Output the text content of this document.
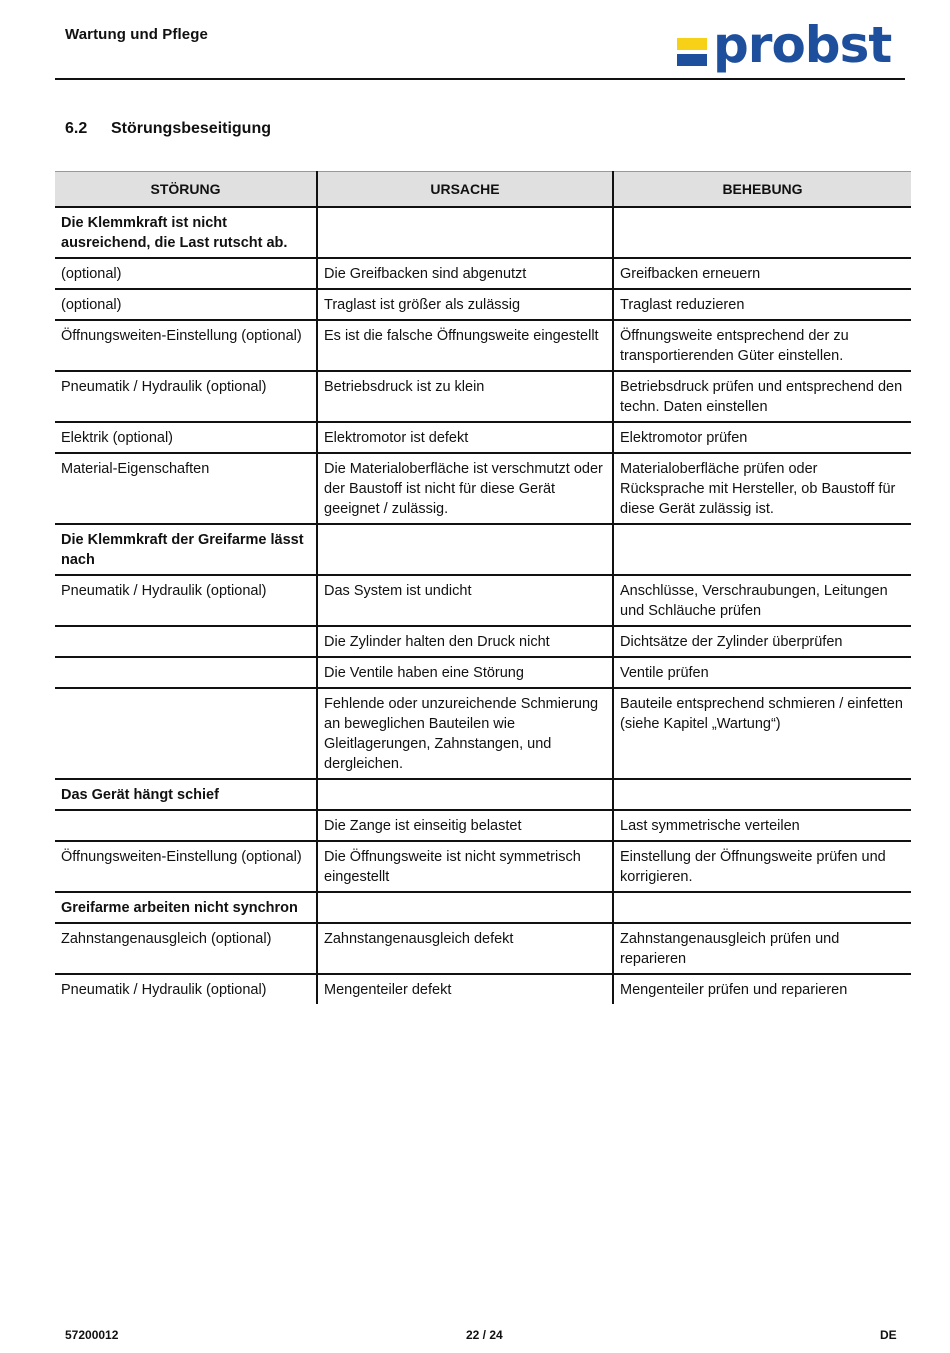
Wartung und Pflege	probst
6.2 Störungsbeseitigung
STÖRUNG	URSACHE	BEHEBUNG
Die Klemmkraft ist nicht ausreichend, die Last rutscht ab.		
(optional)	Die Greifbacken sind abgenutzt	Greifbacken erneuern
(optional)	Traglast ist größer als zulässig	Traglast reduzieren
Öffnungsweiten-Einstellung (optional)	Es ist die falsche Öffnungsweite eingestellt	Öffnungsweite entsprechend der zu transportierenden Güter einstellen.
Pneumatik / Hydraulik (optional)	Betriebsdruck ist zu klein	Betriebsdruck prüfen und entsprechend den techn. Daten einstellen
Elektrik (optional)	Elektromotor ist defekt	Elektromotor prüfen
Material-Eigenschaften	Die Materialoberfläche ist verschmutzt oder der Baustoff ist nicht für diese Gerät geeignet / zulässig.	Materialoberfläche prüfen oder Rücksprache mit Hersteller, ob Baustoff für diese Gerät zulässig ist.
Die Klemmkraft der Greifarme lässt nach		
Pneumatik / Hydraulik (optional)	Das System ist undicht	Anschlüsse, Verschraubungen, Leitungen und Schläuche prüfen
	Die Zylinder halten den Druck nicht	Dichtsätze der Zylinder überprüfen
	Die Ventile haben eine Störung	Ventile prüfen
	Fehlende oder unzureichende Schmierung an beweglichen Bauteilen wie Gleitlagerungen, Zahnstangen, und dergleichen.	Bauteile entsprechend schmieren / einfetten (siehe Kapitel „Wartung“)
Das Gerät hängt schief		
	Die Zange ist einseitig belastet	Last symmetrische verteilen
Öffnungsweiten-Einstellung (optional)	Die Öffnungsweite ist nicht symmetrisch eingestellt	Einstellung der Öffnungsweite prüfen und korrigieren.
Greifarme arbeiten nicht synchron		
Zahnstangenausgleich (optional)	Zahnstangenausgleich defekt	Zahnstangenausgleich prüfen und reparieren
Pneumatik / Hydraulik (optional)	Mengenteiler defekt	Mengenteiler prüfen und reparieren
57200012	22 / 24	DE
